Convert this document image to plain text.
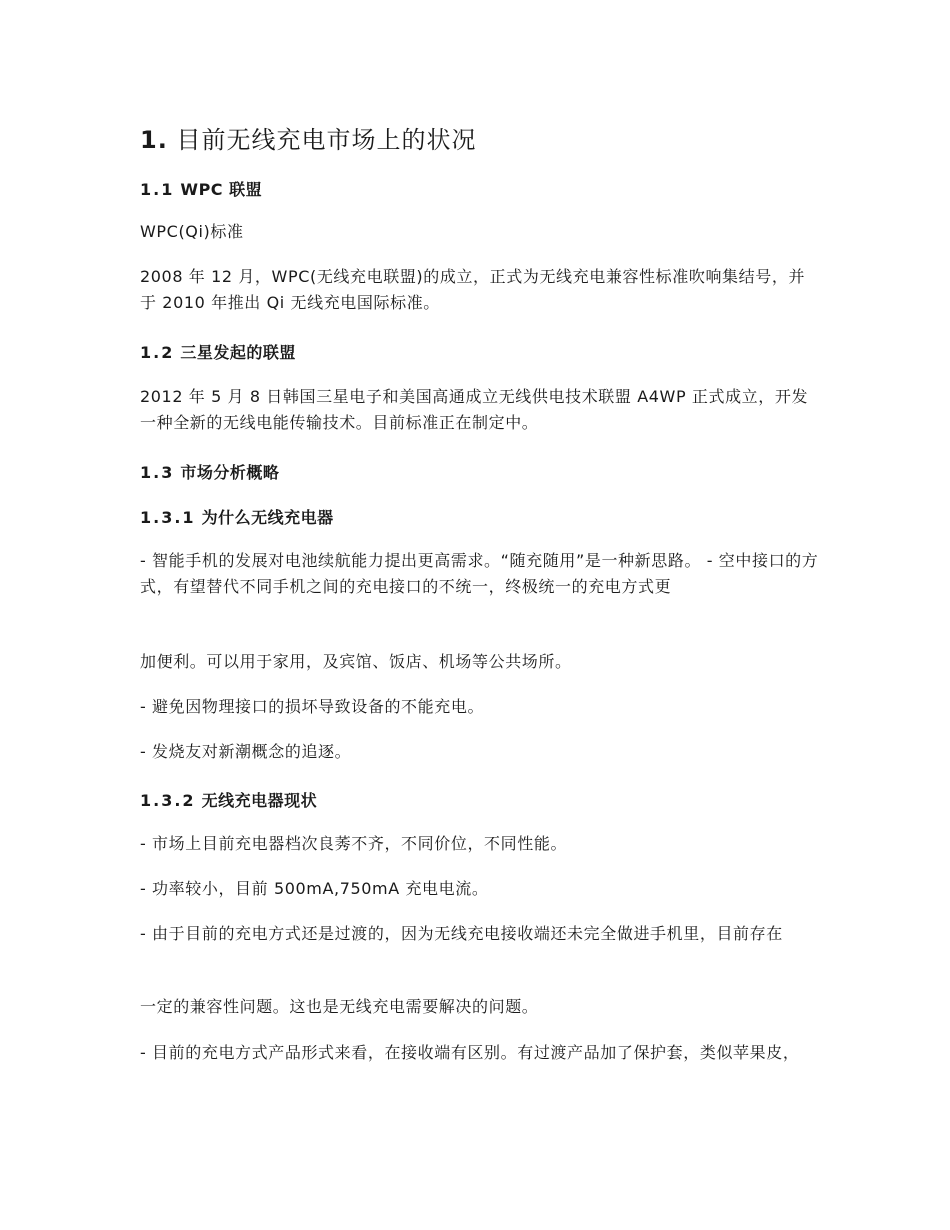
1. 目前无线充电市场上的状况
1.1 WPC 联盟

WPC(Qi)标准

2008 年 12 月，WPC(无线充电联盟)的成立，正式为无线充电兼容性标准吹响集结号，并于 2010 年推出 Qi 无线充电国际标准。

1.2 三星发起的联盟

2012 年 5 月 8 日韩国三星电子和美国高通成立无线供电技术联盟 A4WP 正式成立，开发一种全新的无线电能传输技术。目前标准正在制定中。

1.3 市场分析概略
1.3.1 为什么无线充电器

- 智能手机的发展对电池续航能力提出更高需求。“随充随用”是一种新思路。 - 空中接口的方式，有望替代不同手机之间的充电接口的不统一，终极统一的充电方式更

加便利。可以用于家用，及宾馆、饭店、机场等公共场所。

- 避免因物理接口的损坏导致设备的不能充电。

- 发烧友对新潮概念的追逐。

1.3.2 无线充电器现状

- 市场上目前充电器档次良莠不齐，不同价位，不同性能。

- 功率较小，目前 500mA,750mA 充电电流。

- 由于目前的充电方式还是过渡的，因为无线充电接收端还未完全做进手机里，目前存在

一定的兼容性问题。这也是无线充电需要解决的问题。

- 目前的充电方式产品形式来看，在接收端有区别。有过渡产品加了保护套，类似苹果皮，
